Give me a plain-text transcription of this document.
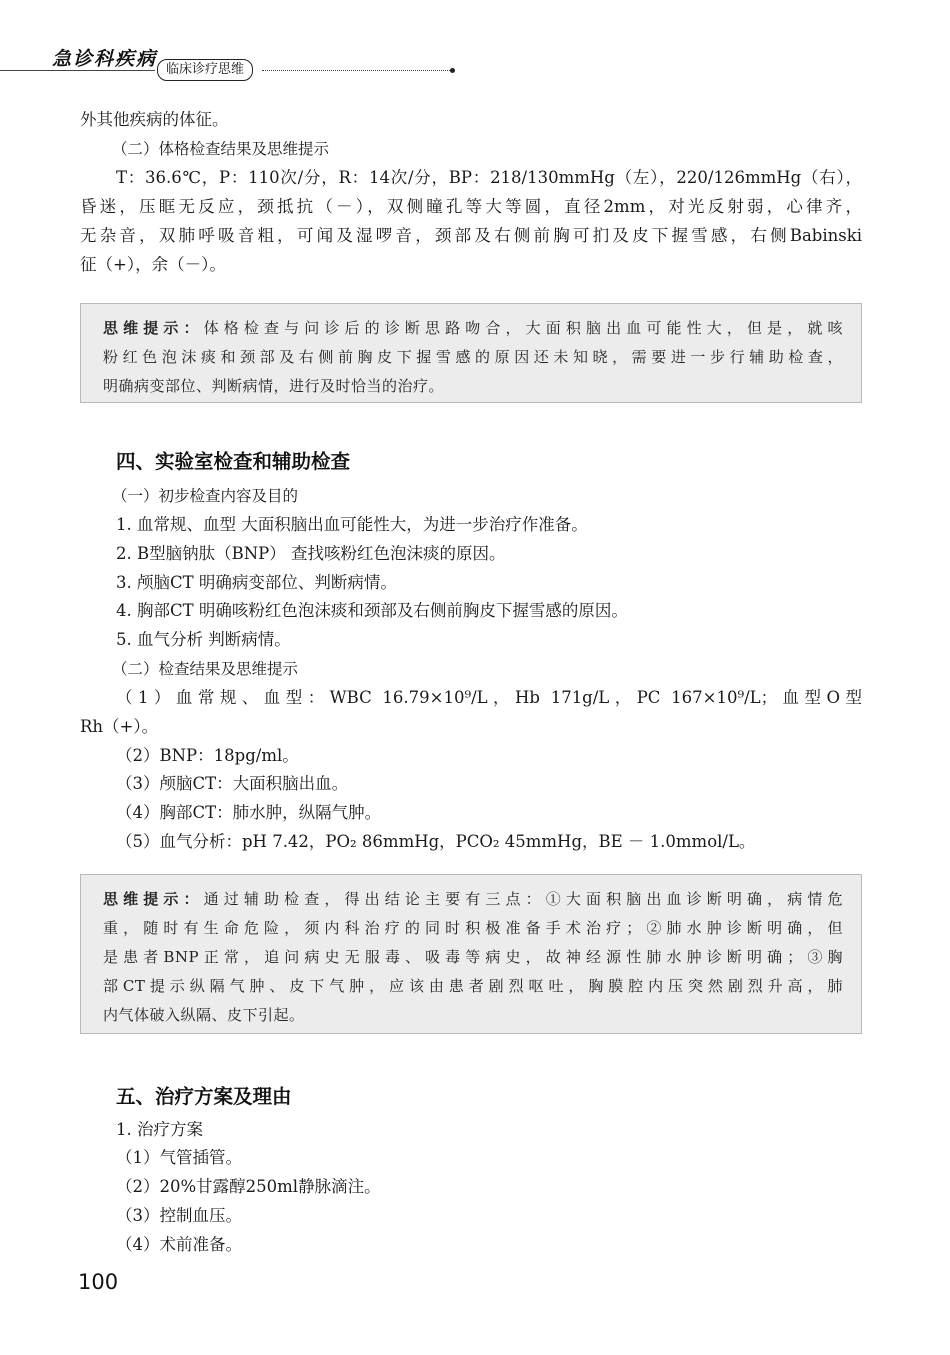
急诊科疾病 临床诊疗思维
外其他疾病的体征。
（二）体格检查结果及思维提示
T：36.6℃，P：110次/分，R：14次/分，BP：218/130mmHg（左），220/126mmHg（右），
昏迷，压眶无反应，颈抵抗（－），双侧瞳孔等大等圆，直径2mm，对光反射弱，心律齐，
无杂音，双肺呼吸音粗，可闻及湿啰音，颈部及右侧前胸可扪及皮下握雪感，右侧Babinski
征（+），余（－）。
思维提示：体格检查与问诊后的诊断思路吻合，大面积脑出血可能性大，但是，就咳
粉红色泡沫痰和颈部及右侧前胸皮下握雪感的原因还未知晓，需要进一步行辅助检查，
明确病变部位、判断病情，进行及时恰当的治疗。
四、实验室检查和辅助检查
（一）初步检查内容及目的
1. 血常规、血型 大面积脑出血可能性大，为进一步治疗作准备。
2. B型脑钠肽（BNP） 查找咳粉红色泡沫痰的原因。
3. 颅脑CT 明确病变部位、判断病情。
4. 胸部CT 明确咳粉红色泡沫痰和颈部及右侧前胸皮下握雪感的原因。
5. 血气分析 判断病情。
（二）检查结果及思维提示
（1）血常规、血型：WBC 16.79×10⁹/L，Hb 171g/L，PC 167×10⁹/L；血型O型
Rh（+）。
（2）BNP：18pg/ml。
（3）颅脑CT：大面积脑出血。
（4）胸部CT：肺水肿，纵隔气肿。
（5）血气分析：pH 7.42，PO₂ 86mmHg，PCO₂ 45mmHg，BE － 1.0mmol/L。
思维提示：通过辅助检查，得出结论主要有三点：①大面积脑出血诊断明确，病情危
重，随时有生命危险，须内科治疗的同时积极准备手术治疗；②肺水肿诊断明确，但
是患者BNP正常，追问病史无服毒、吸毒等病史，故神经源性肺水肿诊断明确；③胸
部CT提示纵隔气肿、皮下气肿，应该由患者剧烈呕吐，胸膜腔内压突然剧烈升高，肺
内气体破入纵隔、皮下引起。
五、治疗方案及理由
1. 治疗方案
（1）气管插管。
（2）20%甘露醇250ml静脉滴注。
（3）控制血压。
（4）术前准备。
100
